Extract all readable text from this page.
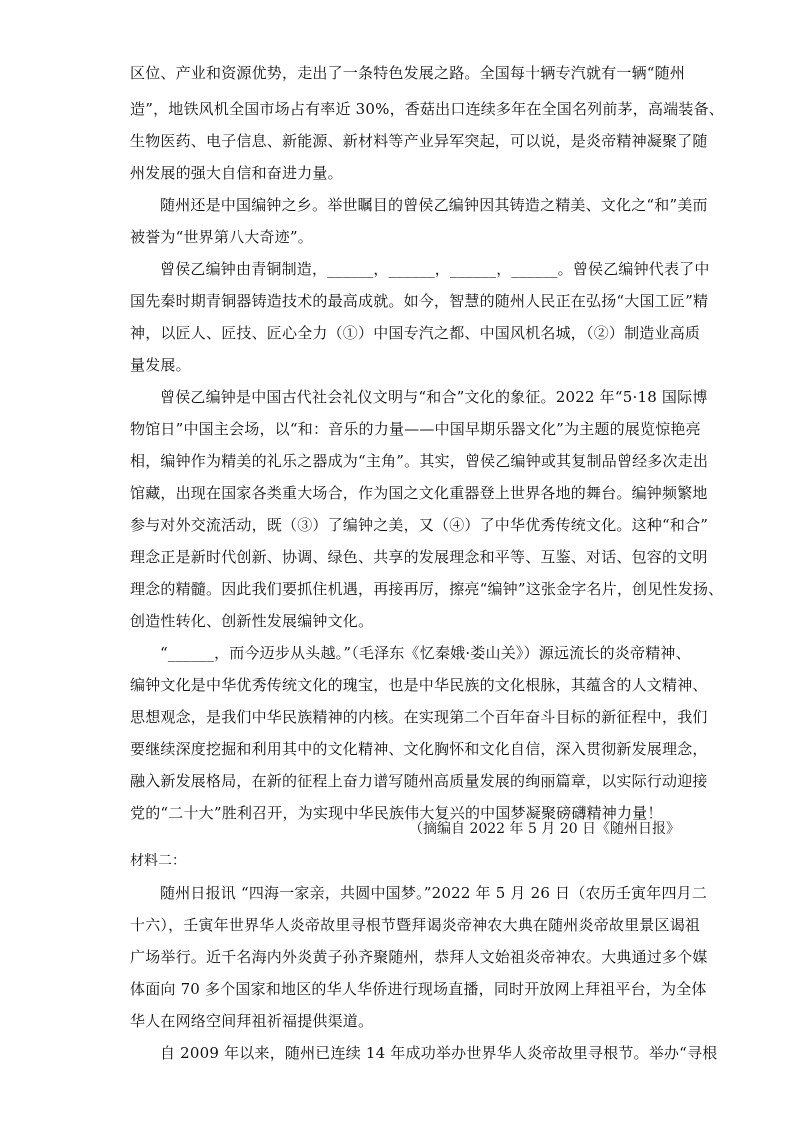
区位、产业和资源优势，走出了一条特色发展之路。全国每十辆专汽就有一辆“随州
造”，地铁风机全国市场占有率近 30%，香菇出口连续多年在全国名列前茅，高端装备、
生物医药、电子信息、新能源、新材料等产业异军突起，可以说，是炎帝精神凝聚了随
州发展的强大自信和奋进力量。
随州还是中国编钟之乡。举世瞩目的曾侯乙编钟因其铸造之精美、文化之“和”美而
被誉为“世界第八大奇迹”。
曾侯乙编钟由青铜制造，______，______，______，______。曾侯乙编钟代表了中
国先秦时期青铜器铸造技术的最高成就。如今，智慧的随州人民正在弘扬“大国工匠”精
神，以匠人、匠技、匠心全力（①）中国专汽之都、中国风机名城，（②）制造业高质
量发展。
曾侯乙编钟是中国古代社会礼仪文明与“和合”文化的象征。2022 年“5·18 国际博
物馆日”中国主会场，以“和：音乐的力量——中国早期乐器文化”为主题的展览惊艳亮
相，编钟作为精美的礼乐之器成为“主角”。其实，曾侯乙编钟或其复制品曾经多次走出
馆藏，出现在国家各类重大场合，作为国之文化重器登上世界各地的舞台。编钟频繁地
参与对外交流活动，既（③）了编钟之美，又（④）了中华优秀传统文化。这种“和合”
理念正是新时代创新、协调、绿色、共享的发展理念和平等、互鉴、对话、包容的文明
理念的精髓。因此我们要抓住机遇，再接再厉，擦亮“编钟”这张金字名片，创见性发扬、
创造性转化、创新性发展编钟文化。
“______，而今迈步从头越。”（毛泽东《忆秦娥·娄山关》）源远流长的炎帝精神、
编钟文化是中华优秀传统文化的瑰宝，也是中华民族的文化根脉，其蕴含的人文精神、
思想观念，是我们中华民族精神的内核。在实现第二个百年奋斗目标的新征程中，我们
要继续深度挖掘和利用其中的文化精神、文化胸怀和文化自信，深入贯彻新发展理念，
融入新发展格局，在新的征程上奋力谱写随州高质量发展的绚丽篇章，以实际行动迎接
党的“二十大”胜利召开，为实现中华民族伟大复兴的中国梦凝聚磅礴精神力量！
（摘编自 2022 年 5 月 20 日《随州日报》
材料二：
随州日报讯 “四海一家亲，共圆中国梦。”2022 年 5 月 26 日（农历壬寅年四月二
十六），壬寅年世界华人炎帝故里寻根节暨拜谒炎帝神农大典在随州炎帝故里景区谒祖
广场举行。近千名海内外炎黄子孙齐聚随州，恭拜人文始祖炎帝神农。大典通过多个媒
体面向 70 多个国家和地区的华人华侨进行现场直播，同时开放网上拜祖平台，为全体
华人在网络空间拜祖祈福提供渠道。
自 2009 年以来，随州已连续 14 年成功举办世界华人炎帝故里寻根节。举办“寻根
